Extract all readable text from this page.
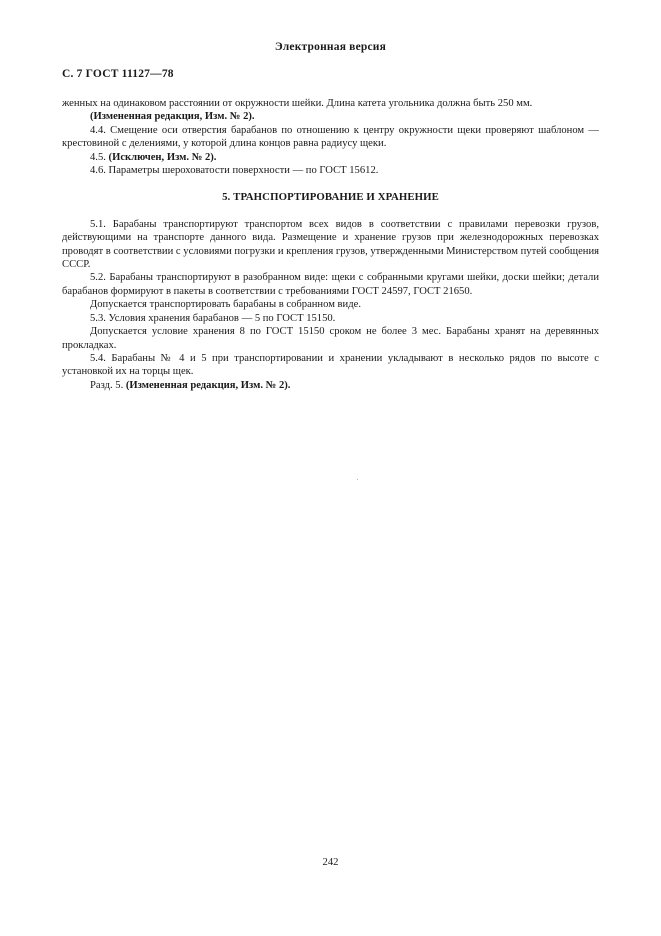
Электронная версия
С. 7 ГОСТ 11127—78

женных на одинаковом расстоянии от окружности шейки. Длина катета угольника должна быть 250 мм.

(Измененная редакция, Изм. № 2).

4.4. Смещение оси отверстия барабанов по отношению к центру окружности щеки проверяют шаблоном — крестовиной с делениями, у которой длина концов равна радиусу щеки.

4.5. (Исключен, Изм. № 2).

4.6. Параметры шероховатости поверхности — по ГОСТ 15612.

5. ТРАНСПОРТИРОВАНИЕ И ХРАНЕНИЕ

5.1. Барабаны транспортируют транспортом всех видов в соответствии с правилами перевозки грузов, действующими на транспорте данного вида. Размещение и хранение грузов при железнодорожных перевозках проводят в соответствии с условиями погрузки и крепления грузов, утвержденными Министерством путей сообщения СССР.

5.2. Барабаны транспортируют в разобранном виде: щеки с собранными кругами шейки, доски шейки; детали барабанов формируют в пакеты в соответствии с требованиями ГОСТ 24597, ГОСТ 21650.

Допускается транспортировать барабаны в собранном виде.

5.3. Условия хранения барабанов — 5 по ГОСТ 15150.

Допускается условие хранения 8 по ГОСТ 15150 сроком не более 3 мес. Барабаны хранят на деревянных прокладках.

5.4. Барабаны № 4 и 5 при транспортировании и хранении укладывают в несколько рядов по высоте с установкой их на торцы щек.

Разд. 5. (Измененная редакция, Изм. № 2).

242
